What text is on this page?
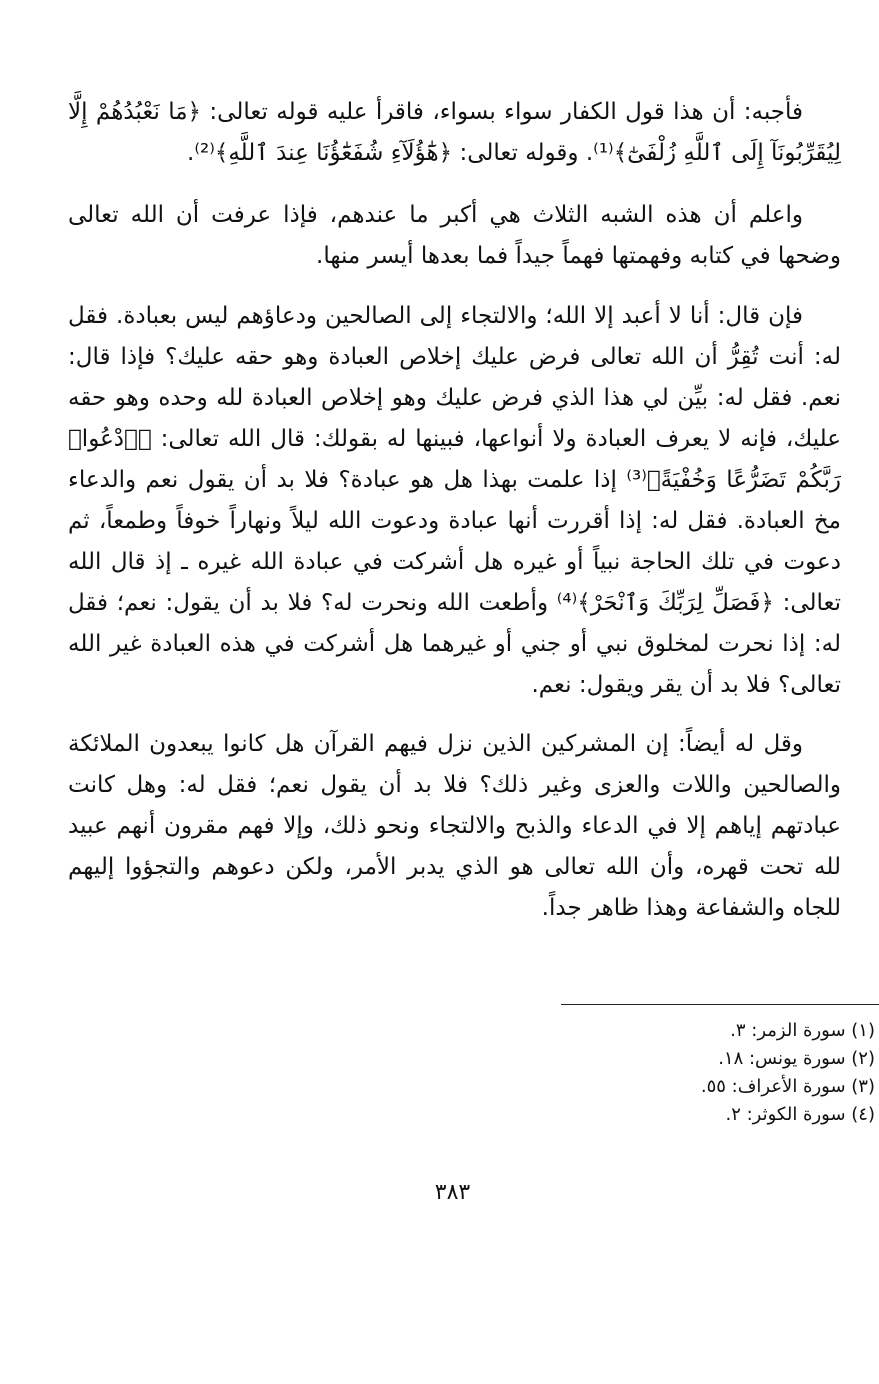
فأجبه: أن هذا قول الكفار سواء بسواء، فاقرأ عليه قوله تعالى: ﴿مَا نَعْبُدُهُمْ إِلَّا لِيُقَرِّبُونَآ إِلَى ٱللَّهِ زُلْفَىٰٓ﴾⁽¹⁾. وقوله تعالى: ﴿هَٰٓؤُلَآءِ شُفَعَٰٓؤُنَا عِندَ ٱللَّهِ﴾⁽²⁾.

واعلم أن هذه الشبه الثلاث هي أكبر ما عندهم، فإذا عرفت أن الله تعالى وضحها في كتابه وفهمتها فهماً جيداً فما بعدها أيسر منها.

فإن قال: أنا لا أعبد إلا الله؛ والالتجاء إلى الصالحين ودعاؤهم ليس بعبادة. فقل له: أنت تُقِرُّ أن الله تعالى فرض عليك إخلاص العبادة وهو حقه عليك؟ فإذا قال: نعم. فقل له: بيِّن لي هذا الذي فرض عليك وهو إخلاص العبادة لله وحده وهو حقه عليك، فإنه لا يعرف العبادة ولا أنواعها، فبينها له بقولك: قال الله تعالى: ﴿ٱدْعُوا۟ رَبَّكُمْ تَضَرُّعًا وَخُفْيَةً﴾⁽³⁾ إذا علمت بهذا هل هو عبادة؟ فلا بد أن يقول نعم والدعاء مخ العبادة. فقل له: إذا أقررت أنها عبادة ودعوت الله ليلاً ونهاراً خوفاً وطمعاً، ثم دعوت في تلك الحاجة نبياً أو غيره هل أشركت في عبادة الله غيره ـ إذ قال الله تعالى: ﴿فَصَلِّ لِرَبِّكَ وَٱنْحَرْ﴾⁽⁴⁾ وأطعت الله ونحرت له؟ فلا بد أن يقول: نعم؛ فقل له: إذا نحرت لمخلوق نبي أو جني أو غيرهما هل أشركت في هذه العبادة غير الله تعالى؟ فلا بد أن يقر ويقول: نعم.

وقل له أيضاً: إن المشركين الذين نزل فيهم القرآن هل كانوا يبعدون الملائكة والصالحين واللات والعزى وغير ذلك؟ فلا بد أن يقول نعم؛ فقل له: وهل كانت عبادتهم إياهم إلا في الدعاء والذبح والالتجاء ونحو ذلك، وإلا فهم مقرون أنهم عبيد لله تحت قهره، وأن الله تعالى هو الذي يدبر الأمر، ولكن دعوهم والتجؤوا إليهم للجاه والشفاعة وهذا ظاهر جداً.

(١) سورة الزمر: ٣.
(٢) سورة يونس: ١٨.
(٣) سورة الأعراف: ٥٥.
(٤) سورة الكوثر: ٢.
٣٨٣
